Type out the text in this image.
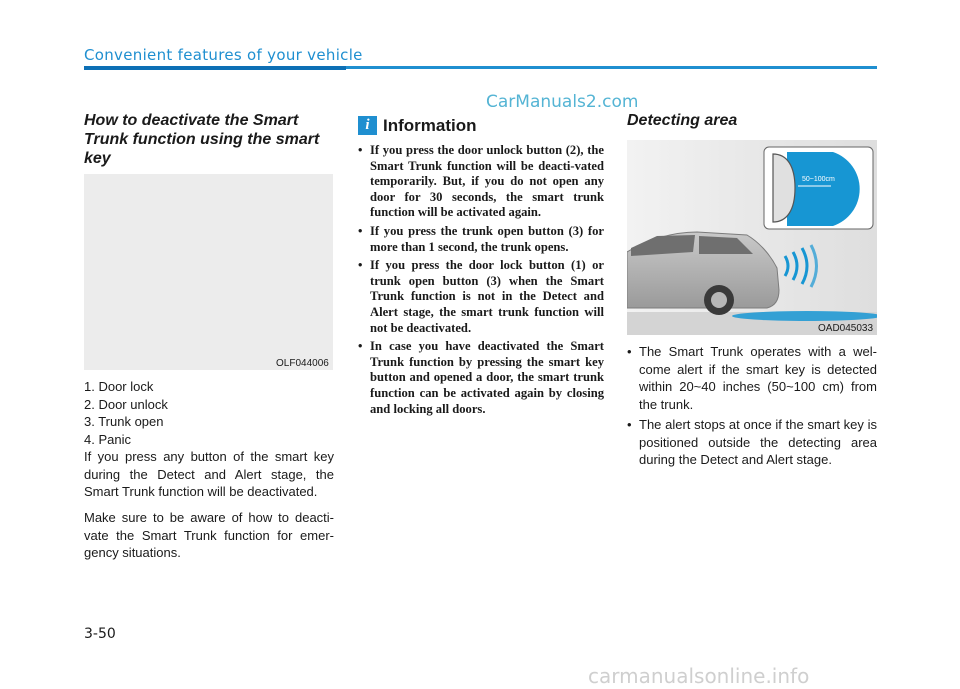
Convenient features of your vehicle
CarManuals2.com
How to deactivate the Smart Trunk function using the smart key
OLF044006
1. Door lock
2. Door unlock
3. Trunk open
4. Panic
If you press any button of the smart key during the Detect and Alert stage, the Smart Trunk function will be deactivated.
Make sure to be aware of how to deacti-vate the Smart Trunk function for emer-gency situations.
i Information
• If you press the door unlock button (2), the Smart Trunk function will be deacti-vated temporarily. But, if you do not open any door for 30 seconds, the smart trunk function will be activated again.
• If you press the trunk open button (3) for more than 1 second, the trunk opens.
• If you press the door lock button (1) or trunk open button (3) when the Smart Trunk function is not in the Detect and Alert stage, the smart trunk function will not be deactivated.
• In case you have deactivated the Smart Trunk function by pressing the smart key button and opened a door, the smart trunk function can be activated again by closing and locking all doors.
Detecting area
50~100cm
OAD045033
• The Smart Trunk operates with a wel-come alert if the smart key is detected within 20~40 inches (50~100 cm) from the trunk.
• The alert stops at once if the smart key is positioned outside the detecting area during the Detect and Alert stage.
3-50
carmanualsonline.info
